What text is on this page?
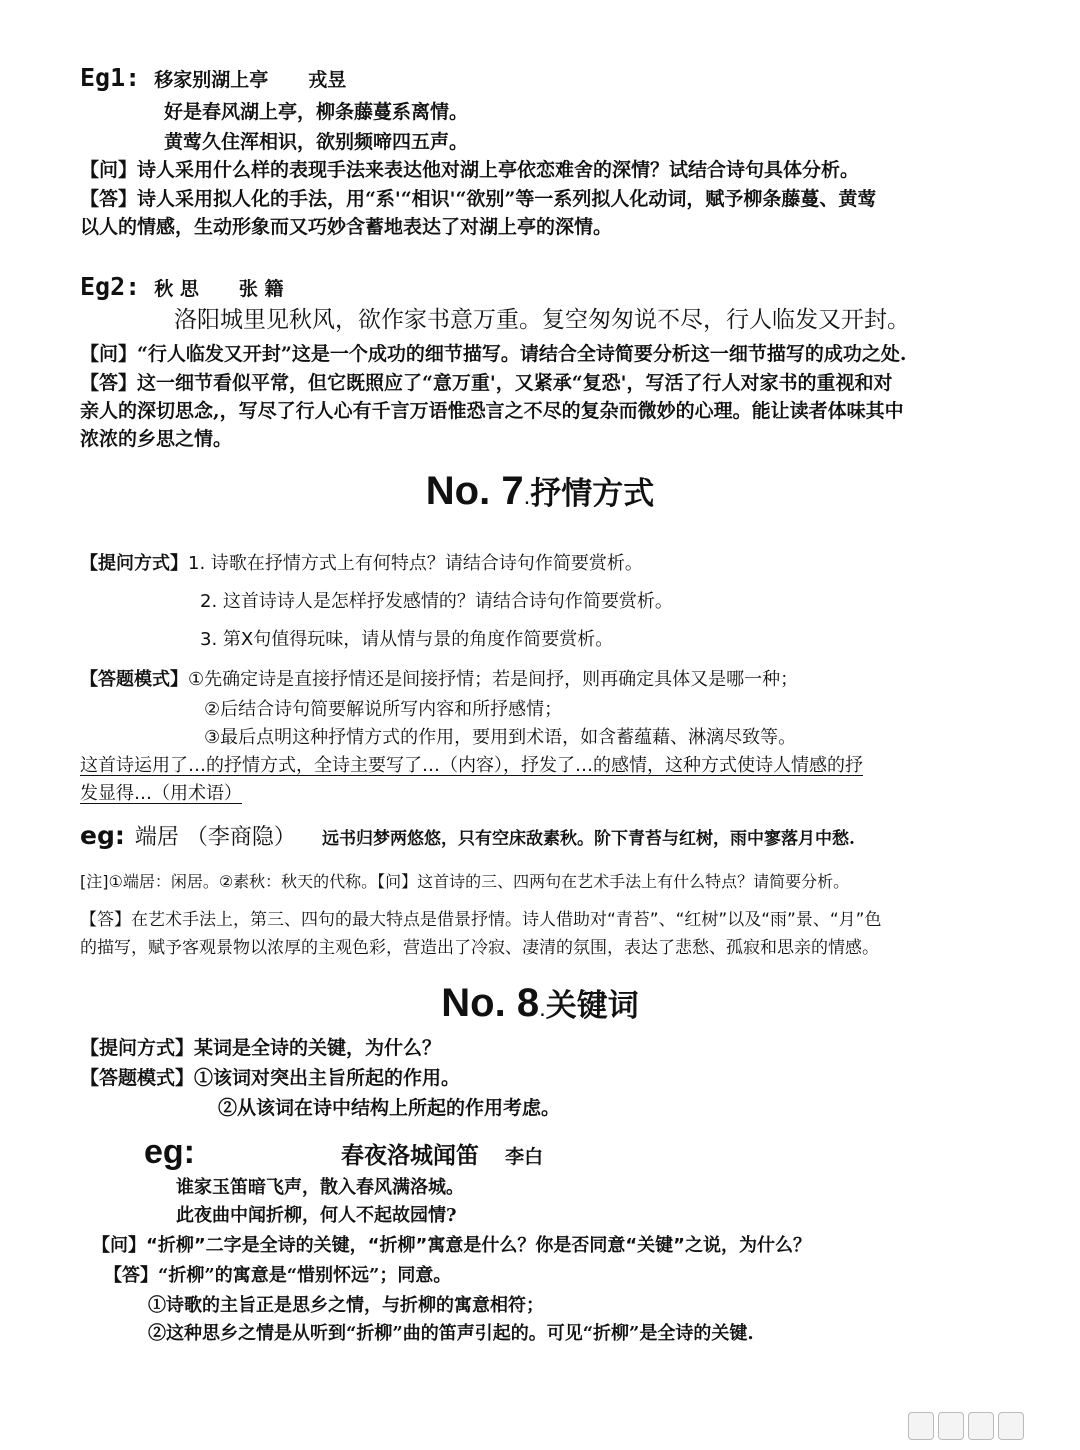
Eg1: 移家别湖上亭 戎昱
好是春风湖上亭，柳条藤蔓系离情。
黄莺久住浑相识，欲别频啼四五声。
【问】诗人采用什么样的表现手法来表达他对湖上亭依恋难舍的深情？试结合诗句具体分析。
【答】诗人采用拟人化的手法，用“系'“相识'“欲别”等一系列拟人化动词，赋予柳条藤蔓、黄莺
以人的情感，生动形象而又巧妙含蓄地表达了对湖上亭的深情。
Eg2: 秋 思 张 籍
洛阳城里见秋风，欲作家书意万重。复空匆匆说不尽，行人临发又开封。
【问】“行人临发又开封”这是一个成功的细节描写。请结合全诗简要分析这一细节描写的成功之处.
【答】这一细节看似平常，但它既照应了“意万重'，又紧承“复恐'，写活了行人对家书的重视和对
亲人的深切思念,，写尽了行人心有千言万语惟恐言之不尽的复杂而微妙的心理。能让读者体味其中
浓浓的乡思之情。
No. 7.抒情方式
【提问方式】1. 诗歌在抒情方式上有何特点？请结合诗句作简要赏析。
2. 这首诗诗人是怎样抒发感情的？请结合诗句作简要赏析。
3. 第X句值得玩味，请从情与景的角度作简要赏析。
【答题模式】①先确定诗是直接抒情还是间接抒情；若是间抒，则再确定具体又是哪一种；
②后结合诗句简要解说所写内容和所抒感情；
③最后点明这种抒情方式的作用，要用到术语，如含蓄蕴藉、淋漓尽致等。
这首诗运用了…的抒情方式，全诗主要写了…（内容），抒发了…的感情，这种方式使诗人情感的抒
发显得…（用术语）
eg: 端居 （李商隐） 远书归梦两悠悠，只有空床敌素秋。阶下青苔与红树，雨中寥落月中愁.
[注]①端居：闲居。②素秋：秋天的代称。【问】这首诗的三、四两句在艺术手法上有什么特点？请简要分析。
【答】在艺术手法上，第三、四句的最大特点是借景抒情。诗人借助对“青苔”、“红树”以及“雨”景、“月”色
的描写，赋予客观景物以浓厚的主观色彩，营造出了冷寂、凄清的氛围，表达了悲愁、孤寂和思亲的情感。
No. 8.关键词
【提问方式】某词是全诗的关键，为什么？
【答题模式】①该词对突出主旨所起的作用。
②从该词在诗中结构上所起的作用考虑。
eg:	春夜洛城闻笛 李白
谁家玉笛暗飞声，散入春风满洛城。
此夜曲中闻折柳，何人不起故园情?
【问】“折柳”二字是全诗的关键，“折柳”寓意是什么？你是否同意“关键”之说，为什么？
【答】“折柳”的寓意是“惜别怀远”；同意。
①诗歌的主旨正是思乡之情，与折柳的寓意相符；
②这种思乡之情是从听到“折柳”曲的笛声引起的。可见“折柳”是全诗的关键.
